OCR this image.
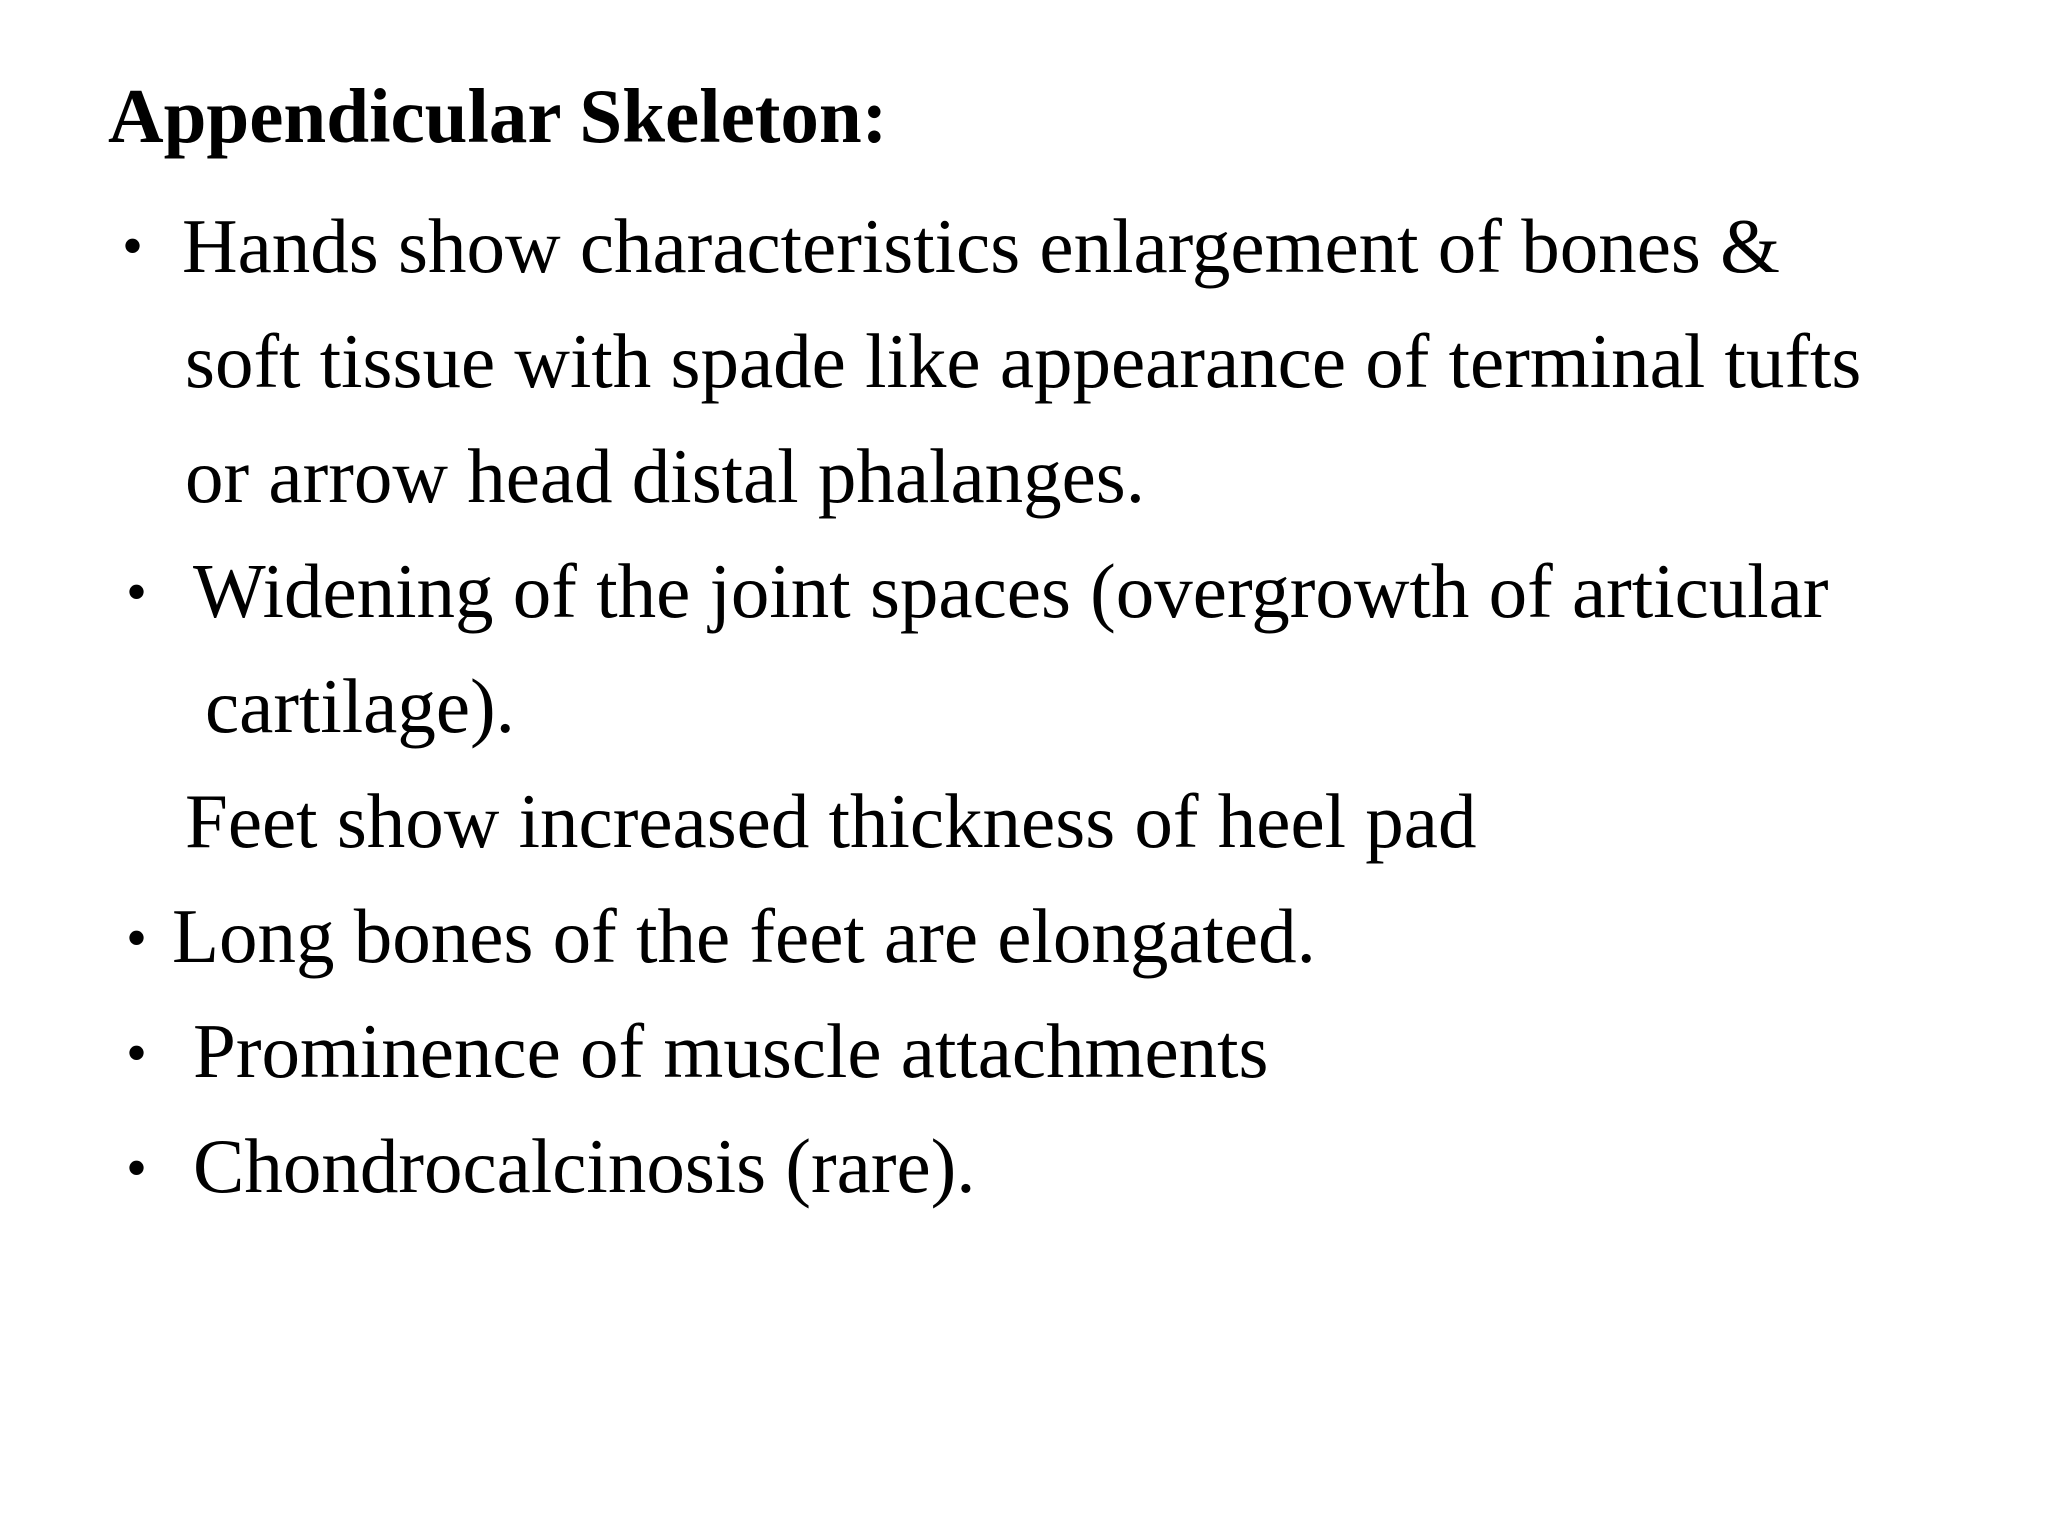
Appendicular Skeleton:
• Hands show characteristics enlargement of bones &
soft tissue with spade like appearance of terminal tufts
or arrow head distal phalanges.
• Widening of the joint spaces (overgrowth of articular
cartilage).
Feet show increased thickness of heel pad
• Long bones of the feet are elongated.
• Prominence of muscle attachments
• Chondrocalcinosis (rare).
